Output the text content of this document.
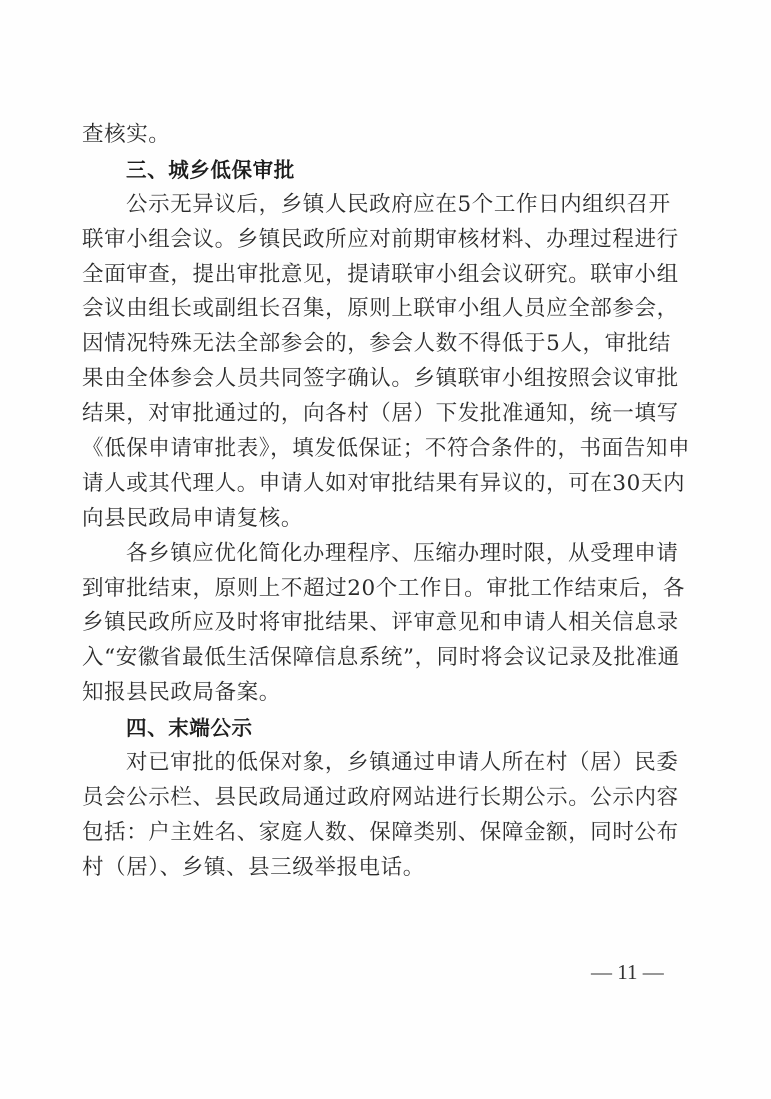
查核实。
三、城乡低保审批
公示无异议后，乡镇人民政府应在5个工作日内组织召开
联审小组会议。乡镇民政所应对前期审核材料、办理过程进行
全面审查，提出审批意见，提请联审小组会议研究。联审小组
会议由组长或副组长召集，原则上联审小组人员应全部参会，
因情况特殊无法全部参会的，参会人数不得低于5人，审批结
果由全体参会人员共同签字确认。乡镇联审小组按照会议审批
结果，对审批通过的，向各村（居）下发批准通知，统一填写
《低保申请审批表》，填发低保证；不符合条件的，书面告知申
请人或其代理人。申请人如对审批结果有异议的，可在30天内
向县民政局申请复核。
各乡镇应优化简化办理程序、压缩办理时限，从受理申请
到审批结束，原则上不超过20个工作日。审批工作结束后，各
乡镇民政所应及时将审批结果、评审意见和申请人相关信息录
入“安徽省最低生活保障信息系统”，同时将会议记录及批准通
知报县民政局备案。
四、末端公示
对已审批的低保对象，乡镇通过申请人所在村（居）民委
员会公示栏、县民政局通过政府网站进行长期公示。公示内容
包括：户主姓名、家庭人数、保障类别、保障金额，同时公布
村（居）、乡镇、县三级举报电话。
— 11 —
